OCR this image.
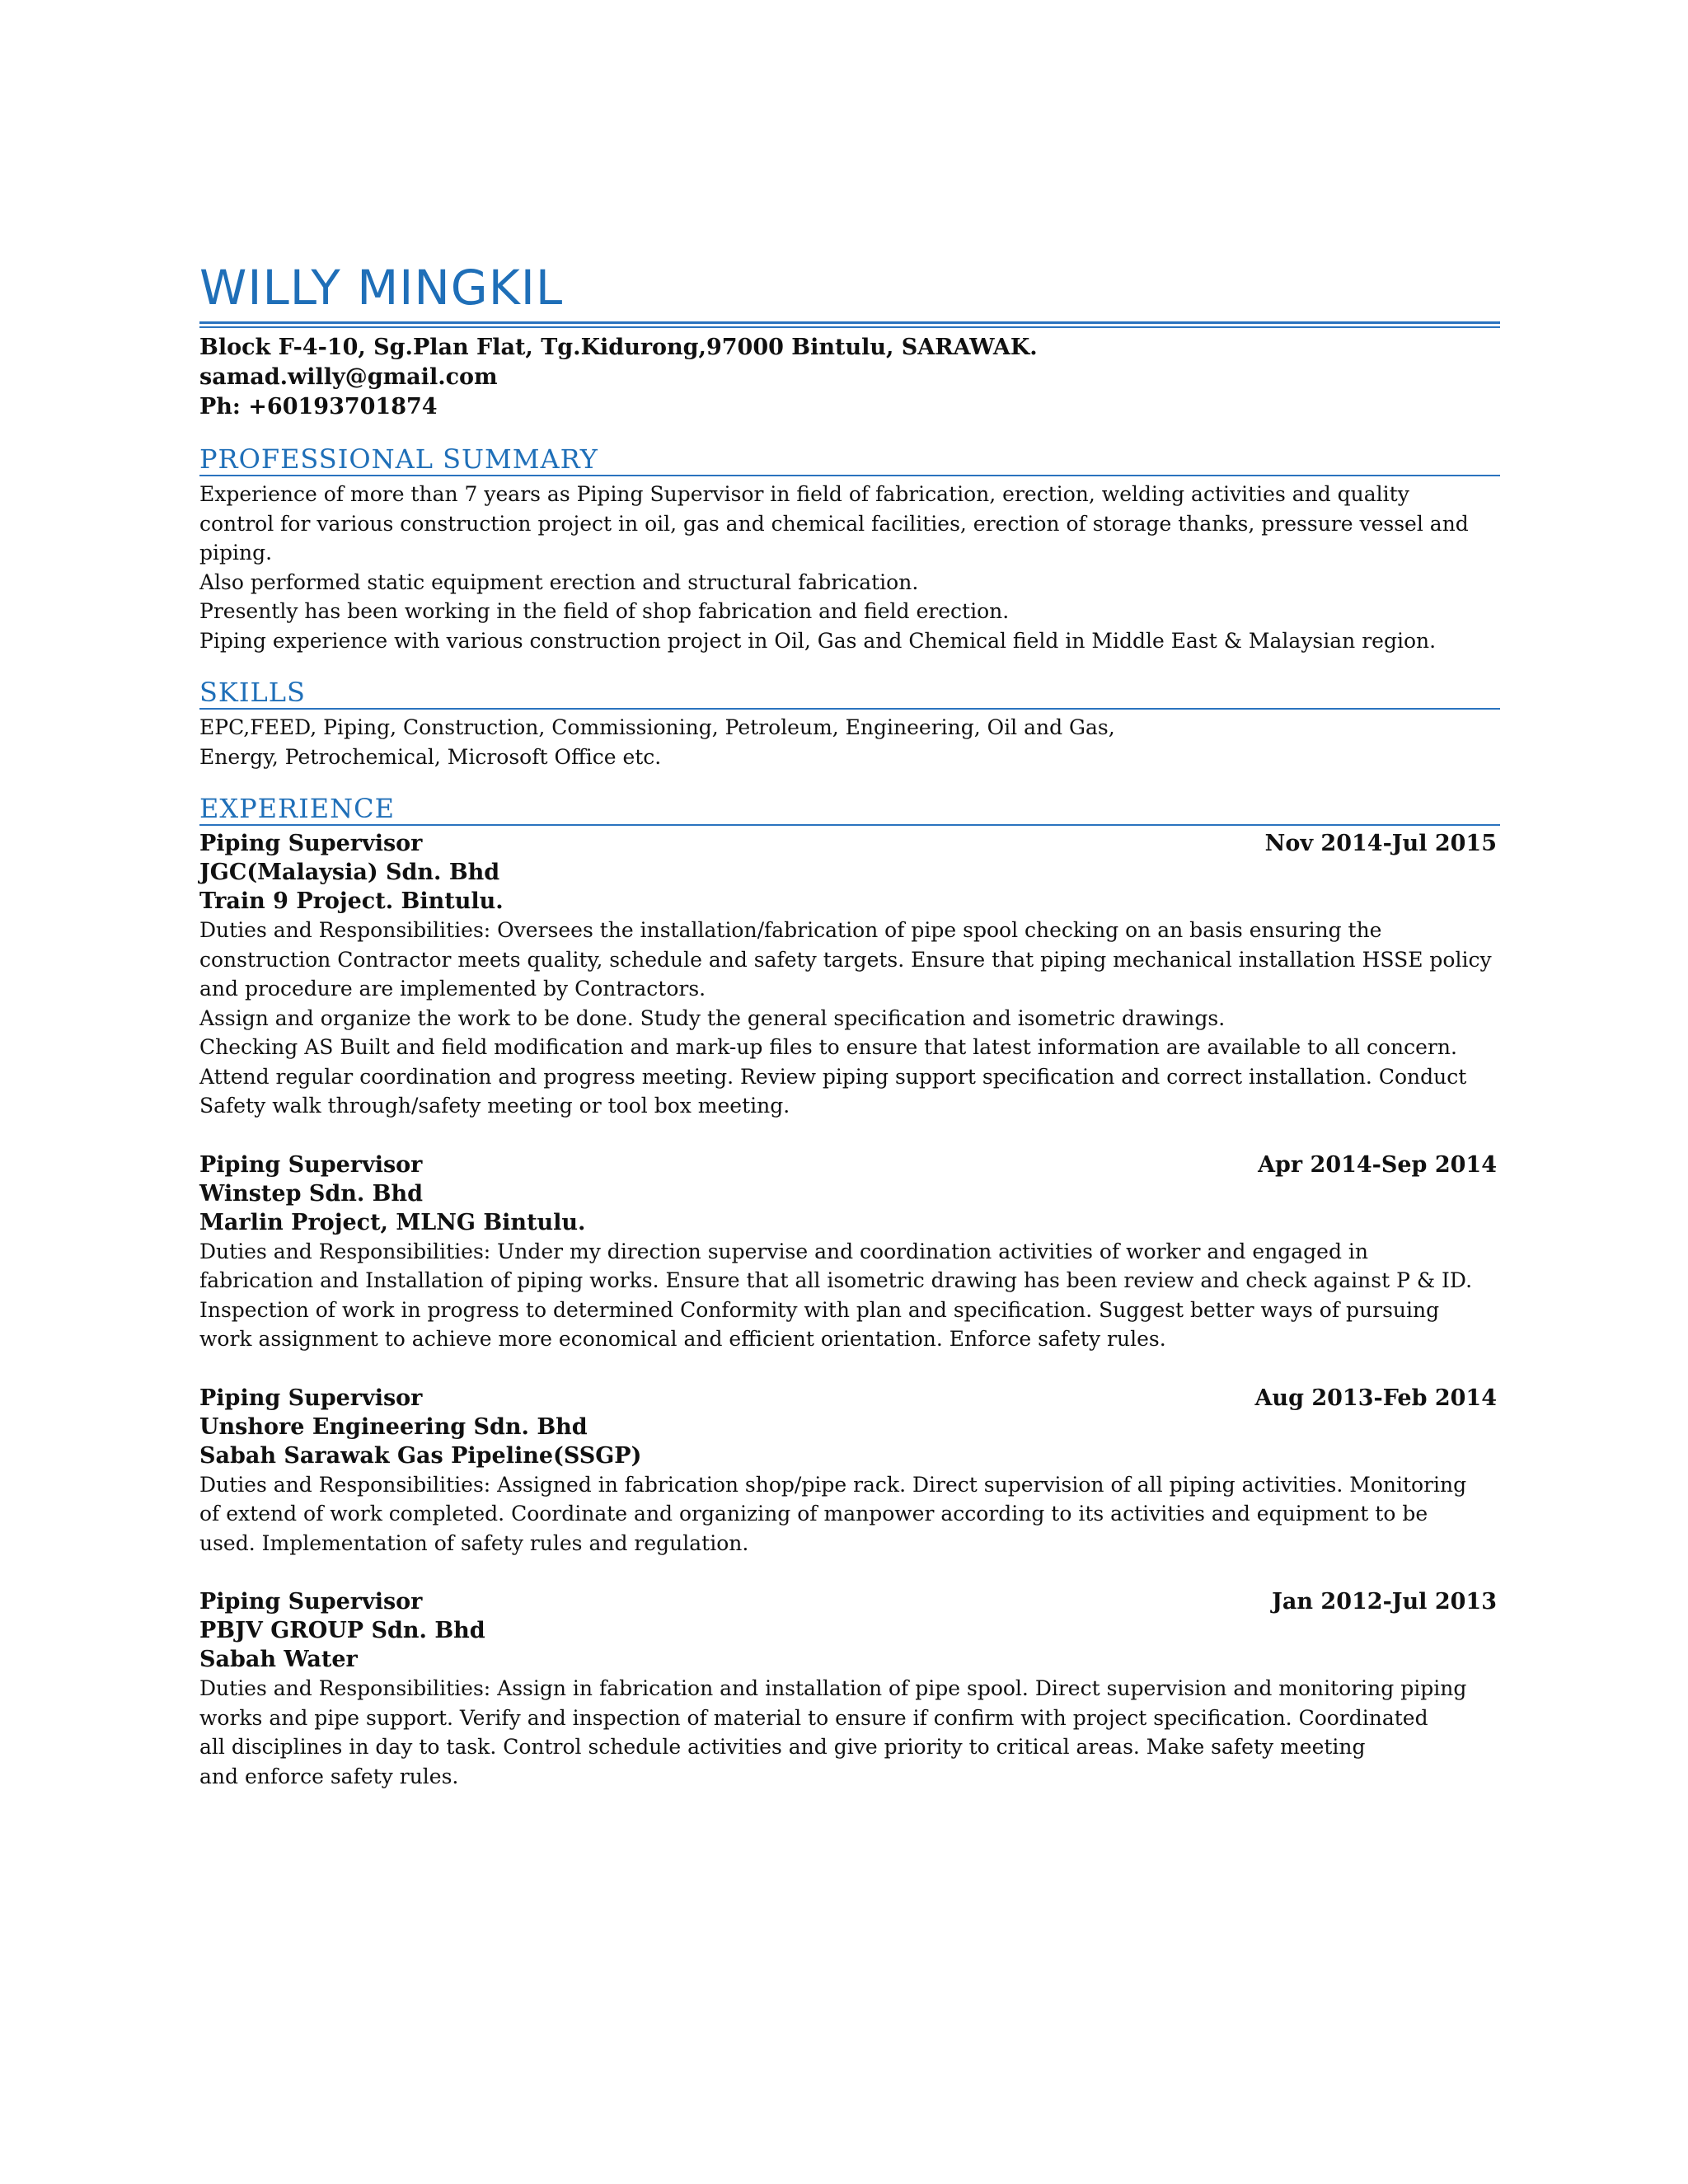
WILLY MINGKIL
Block F-4-10, Sg.Plan Flat, Tg.Kidurong,97000 Bintulu, SARAWAK.
samad.willy@gmail.com
Ph: +60193701874
PROFESSIONAL SUMMARY
Experience of more than 7 years as Piping Supervisor in field of fabrication, erection, welding activities and quality
control for various construction project in oil, gas and chemical facilities, erection of storage thanks, pressure vessel and
piping.
Also performed static equipment erection and structural fabrication.
Presently has been working in the field of shop fabrication and field erection.
Piping experience with various construction project in Oil, Gas and Chemical field in Middle East & Malaysian region.
SKILLS
EPC,FEED, Piping, Construction, Commissioning, Petroleum, Engineering, Oil and Gas,
Energy, Petrochemical, Microsoft Office etc.
EXPERIENCE
Piping Supervisor	Nov 2014-Jul 2015
JGC(Malaysia) Sdn. Bhd
Train 9 Project. Bintulu.
Duties and Responsibilities: Oversees the installation/fabrication of pipe spool checking on an basis ensuring the
construction Contractor meets quality, schedule and safety targets. Ensure that piping mechanical installation HSSE policy
and procedure are implemented by Contractors.
Assign and organize the work to be done. Study the general specification and isometric drawings.
Checking AS Built and field modification and mark-up files to ensure that latest information are available to all concern.
Attend regular coordination and progress meeting. Review piping support specification and correct installation. Conduct
Safety walk through/safety meeting or tool box meeting.
Piping Supervisor	Apr 2014-Sep 2014
Winstep Sdn. Bhd
Marlin Project, MLNG Bintulu.
Duties and Responsibilities: Under my direction supervise and coordination activities of worker and engaged in
fabrication and Installation of piping works. Ensure that all isometric drawing has been review and check against P & ID.
Inspection of work in progress to determined Conformity with plan and specification. Suggest better ways of pursuing
work assignment to achieve more economical and efficient orientation. Enforce safety rules.
Piping Supervisor	Aug 2013-Feb 2014
Unshore Engineering Sdn. Bhd
Sabah Sarawak Gas Pipeline(SSGP)
Duties and Responsibilities: Assigned in fabrication shop/pipe rack. Direct supervision of all piping activities. Monitoring
of extend of work completed. Coordinate and organizing of manpower according to its activities and equipment to be
used. Implementation of safety rules and regulation.
Piping Supervisor	Jan 2012-Jul 2013
PBJV GROUP Sdn. Bhd
Sabah Water
Duties and Responsibilities: Assign in fabrication and installation of pipe spool. Direct supervision and monitoring piping
works and pipe support. Verify and inspection of material to ensure if confirm with project specification. Coordinated
all disciplines in day to task. Control schedule activities and give priority to critical areas. Make safety meeting
and enforce safety rules.
